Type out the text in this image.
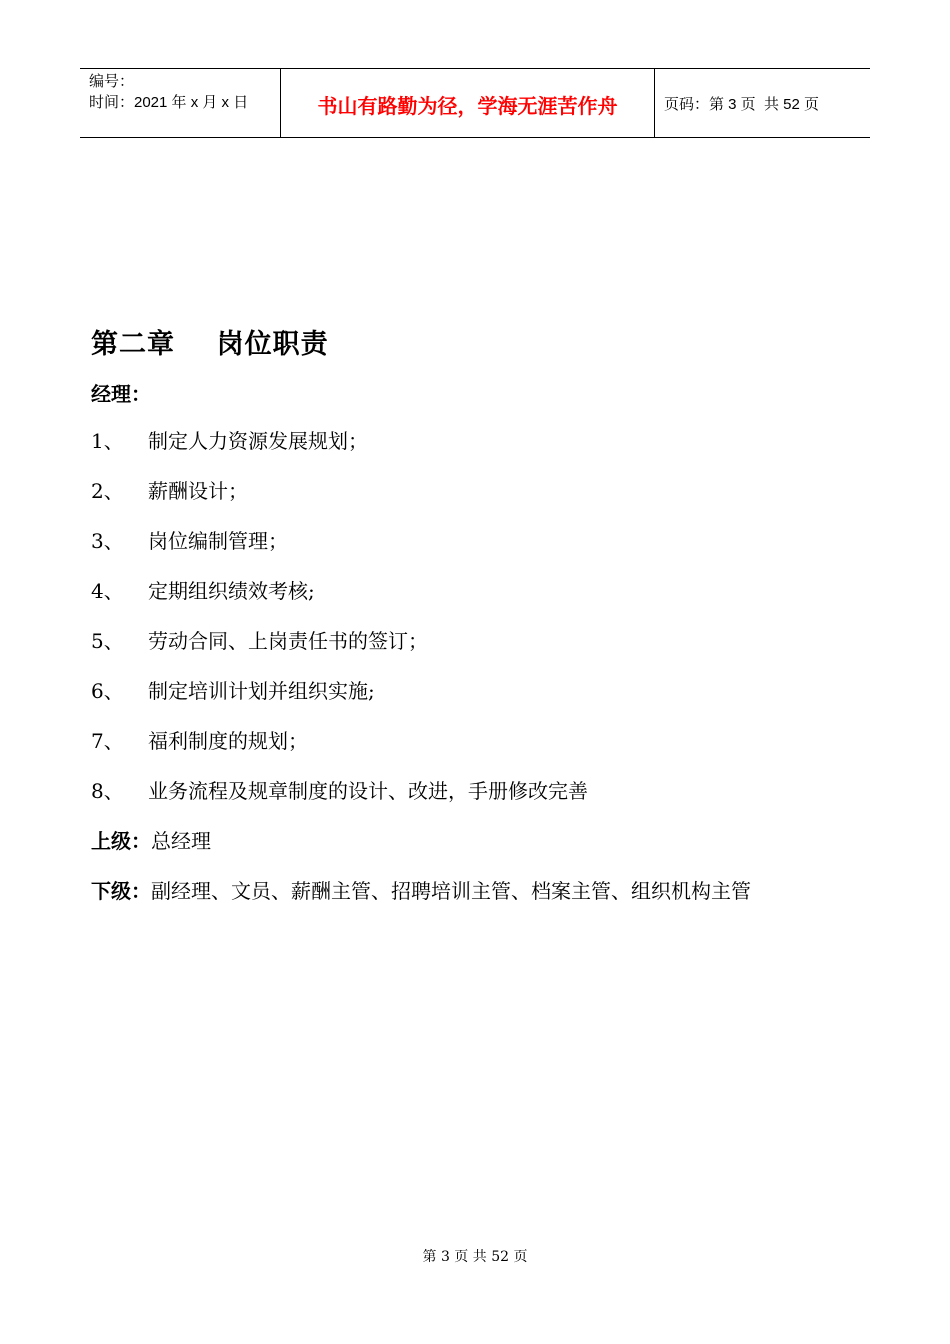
编号：
时间：2021 年 x 月 x 日	书山有路勤为径，学海无涯苦作舟	页码：第 3 页  共 52 页
第二章    岗位职责
经理：
1、 制定人力资源发展规划；
2、 薪酬设计；
3、 岗位编制管理；
4、 定期组织绩效考核;
5、 劳动合同、上岗责任书的签订；
6、 制定培训计划并组织实施;
7、 福利制度的规划；
8、 业务流程及规章制度的设计、改进，手册修改完善
上级：总经理
下级：副经理、文员、薪酬主管、招聘培训主管、档案主管、组织机构主管
第 3 页 共 52 页
